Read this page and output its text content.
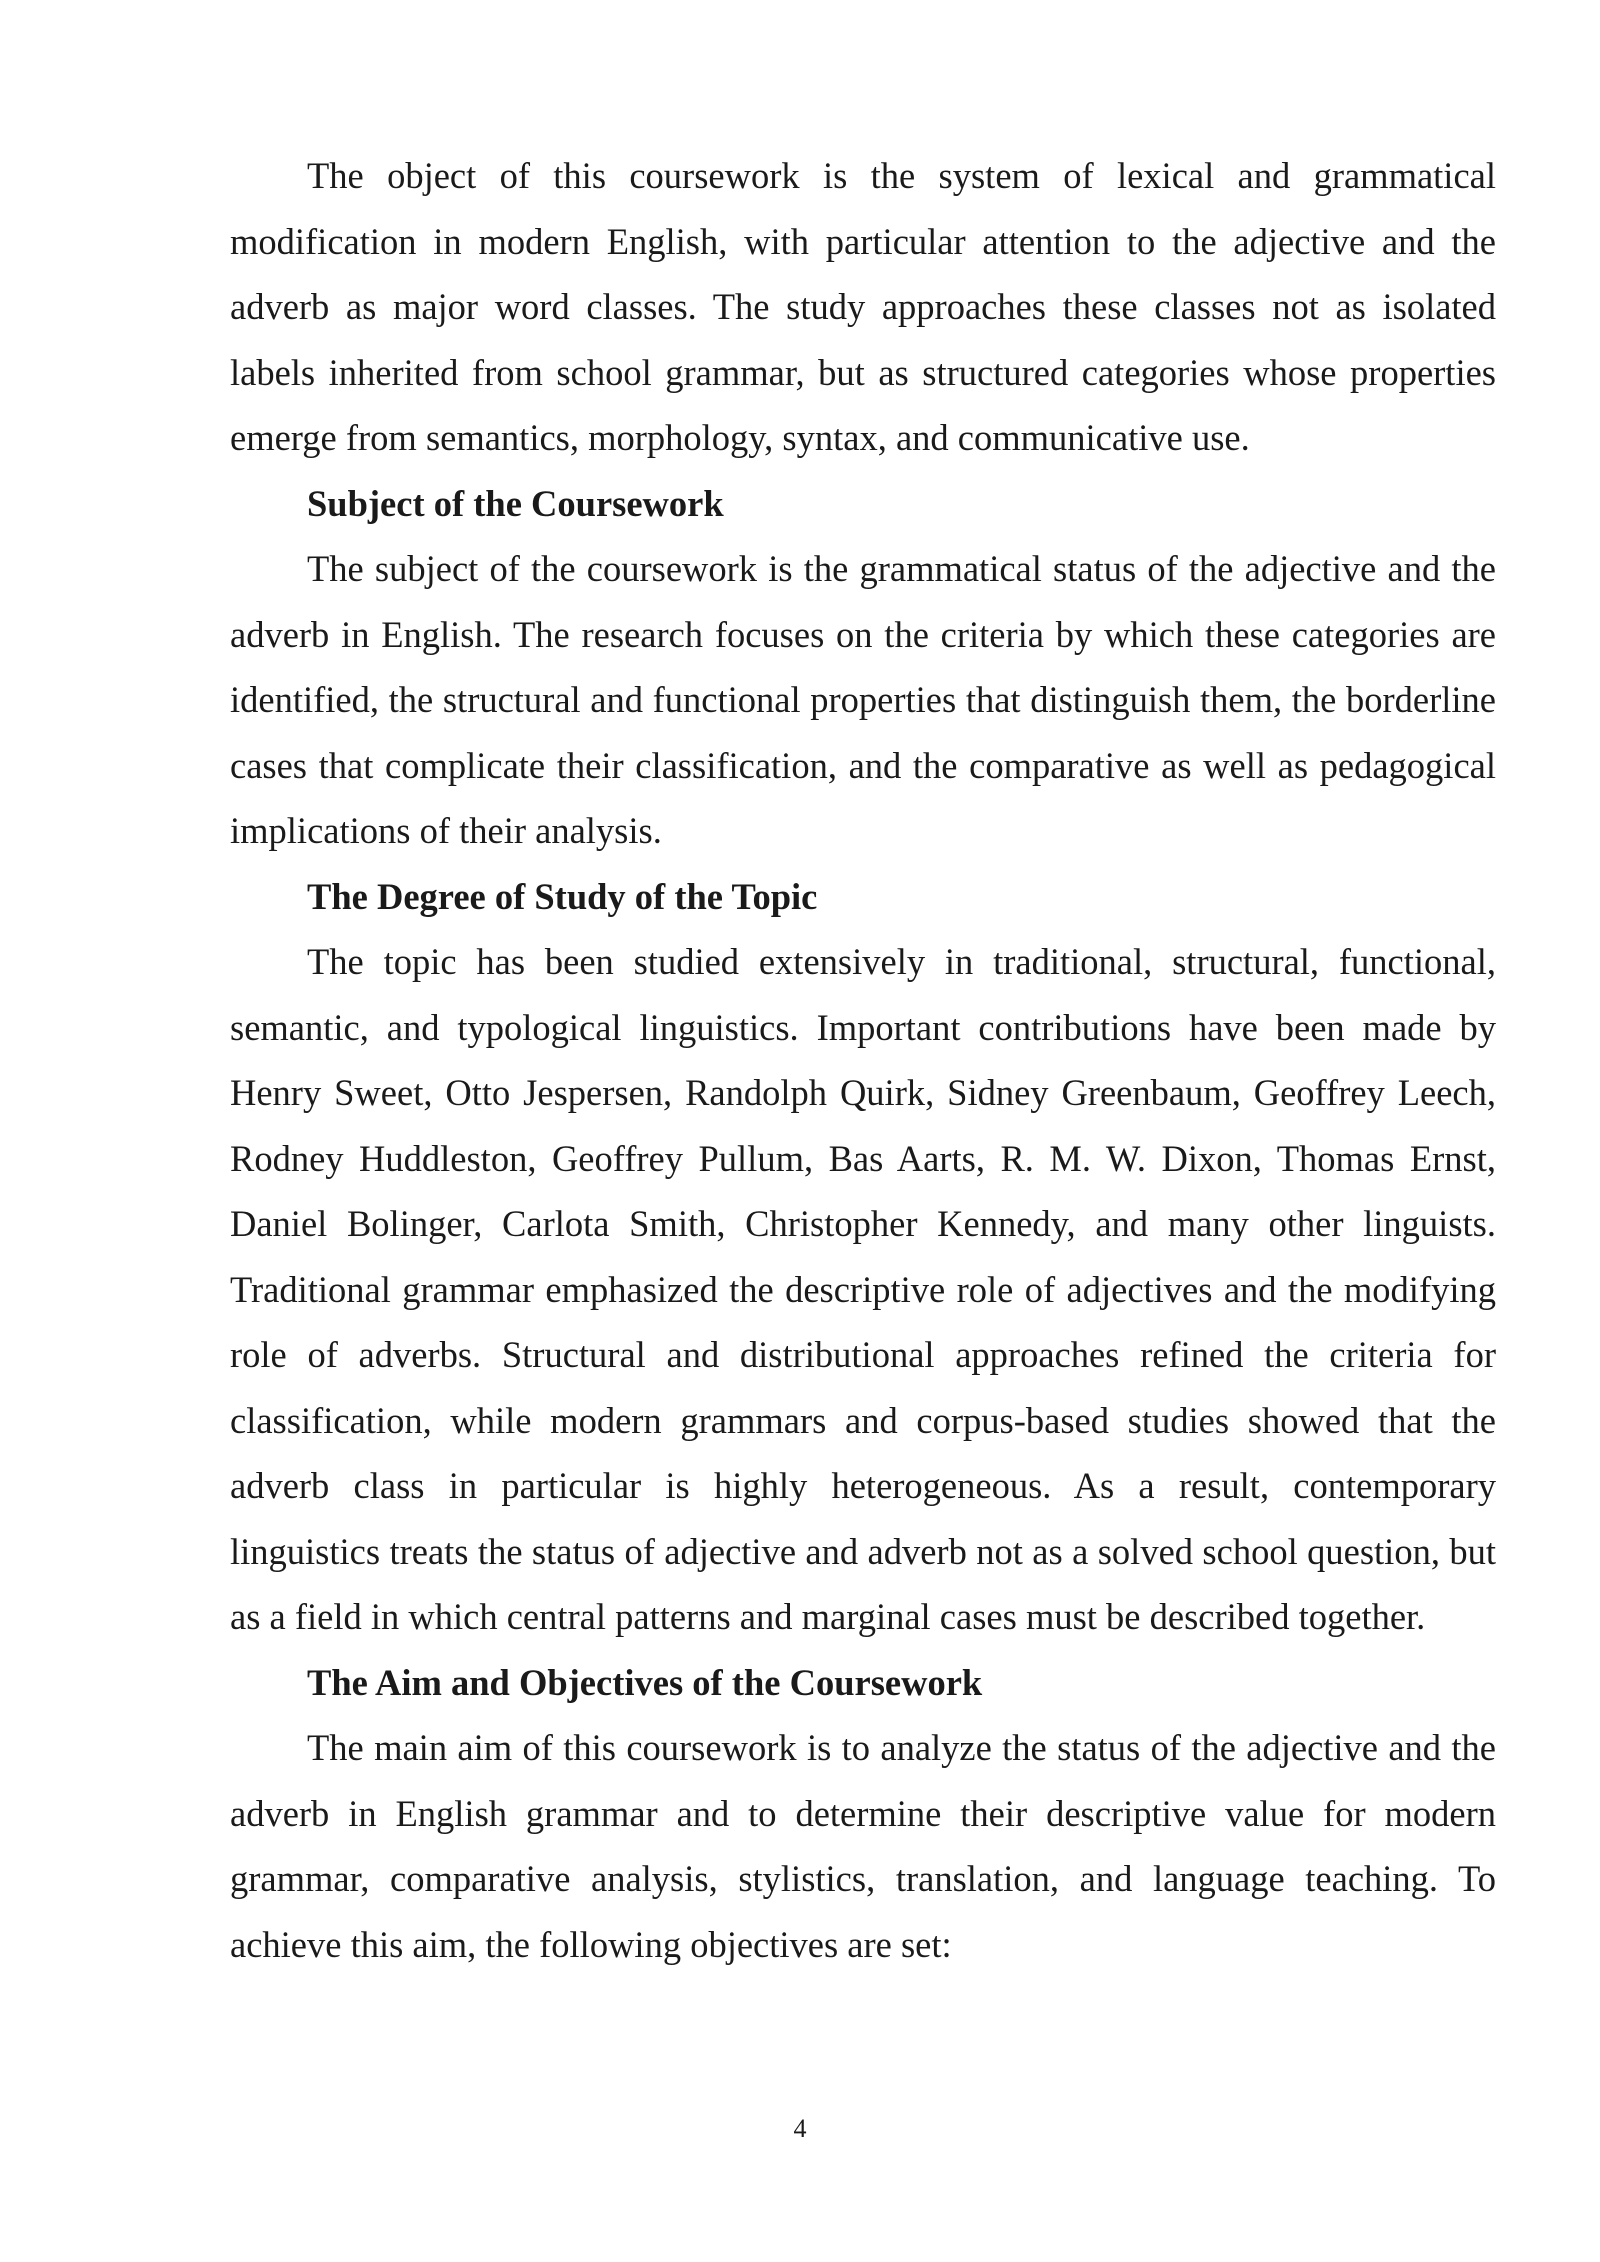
The object of this coursework is the system of lexical and grammatical modification in modern English, with particular attention to the adjective and the adverb as major word classes. The study approaches these classes not as isolated labels inherited from school grammar, but as structured categories whose properties emerge from semantics, morphology, syntax, and communicative use.

Subject of the Coursework

The subject of the coursework is the grammatical status of the adjective and the adverb in English. The research focuses on the criteria by which these categories are identified, the structural and functional properties that distinguish them, the borderline cases that complicate their classification, and the comparative as well as pedagogical implications of their analysis.

The Degree of Study of the Topic

The topic has been studied extensively in traditional, structural, functional, semantic, and typological linguistics. Important contributions have been made by Henry Sweet, Otto Jespersen, Randolph Quirk, Sidney Greenbaum, Geoffrey Leech, Rodney Huddleston, Geoffrey Pullum, Bas Aarts, R. M. W. Dixon, Thomas Ernst, Daniel Bolinger, Carlota Smith, Christopher Kennedy, and many other linguists. Traditional grammar emphasized the descriptive role of adjectives and the modifying role of adverbs. Structural and distributional approaches refined the criteria for classification, while modern grammars and corpus-based studies showed that the adverb class in particular is highly heterogeneous. As a result, contemporary linguistics treats the status of adjective and adverb not as a solved school question, but as a field in which central patterns and marginal cases must be described together.

The Aim and Objectives of the Coursework

The main aim of this coursework is to analyze the status of the adjective and the adverb in English grammar and to determine their descriptive value for modern grammar, comparative analysis, stylistics, translation, and language teaching. To achieve this aim, the following objectives are set:

4
